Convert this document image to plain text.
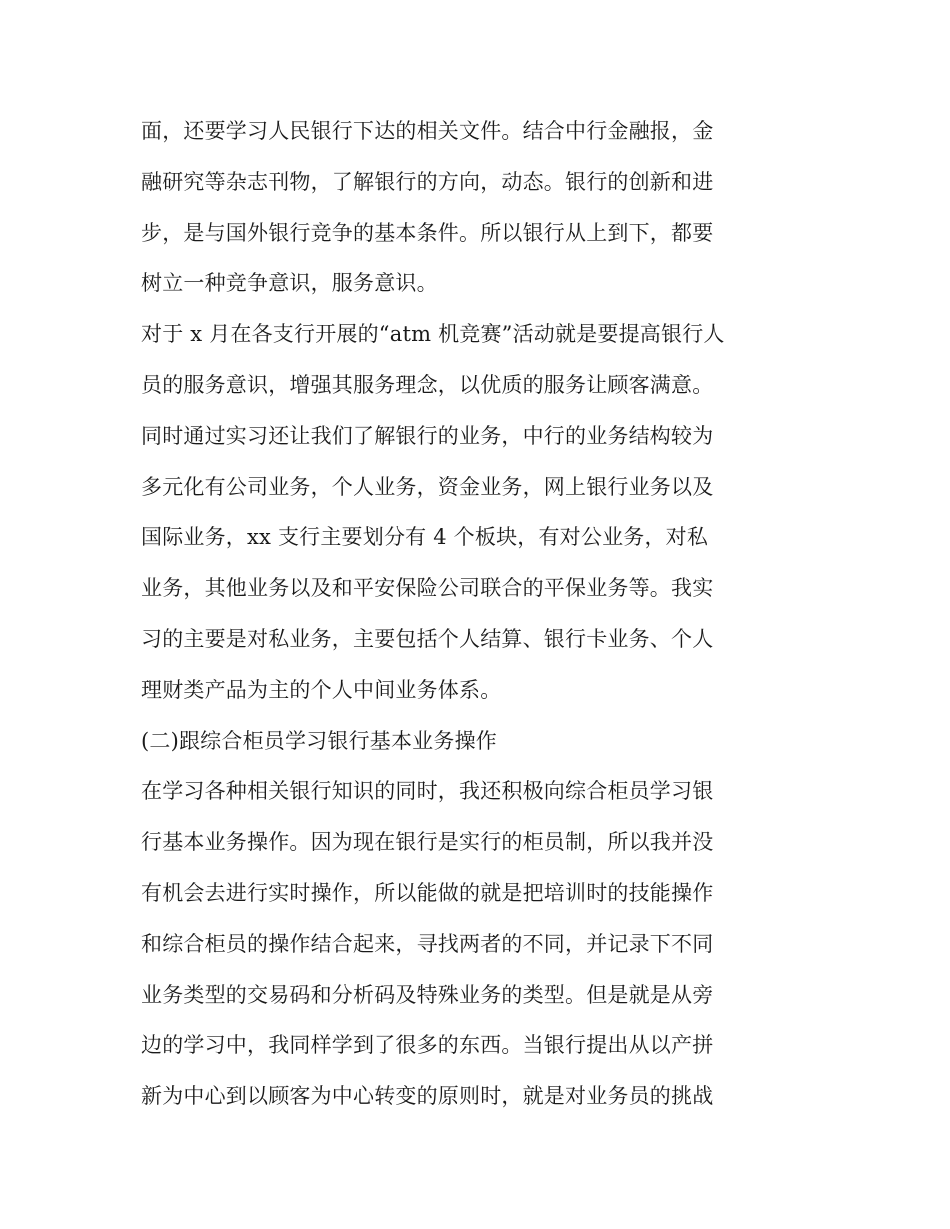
面，还要学习人民银行下达的相关文件。结合中行金融报，金
融研究等杂志刊物，了解银行的方向，动态。银行的创新和进
步，是与国外银行竞争的基本条件。所以银行从上到下，都要
树立一种竞争意识，服务意识。
对于 x 月在各支行开展的“atm 机竞赛”活动就是要提高银行人
员的服务意识，增强其服务理念，以优质的服务让顾客满意。
同时通过实习还让我们了解银行的业务，中行的业务结构较为
多元化有公司业务，个人业务，资金业务，网上银行业务以及
国际业务，xx 支行主要划分有 4 个板块，有对公业务，对私
业务，其他业务以及和平安保险公司联合的平保业务等。我实
习的主要是对私业务，主要包括个人结算、银行卡业务、个人
理财类产品为主的个人中间业务体系。
(二)跟综合柜员学习银行基本业务操作
在学习各种相关银行知识的同时，我还积极向综合柜员学习银
行基本业务操作。因为现在银行是实行的柜员制，所以我并没
有机会去进行实时操作，所以能做的就是把培训时的技能操作
和综合柜员的操作结合起来，寻找两者的不同，并记录下不同
业务类型的交易码和分析码及特殊业务的类型。但是就是从旁
边的学习中，我同样学到了很多的东西。当银行提出从以产拼
新为中心到以顾客为中心转变的原则时，就是对业务员的挑战
